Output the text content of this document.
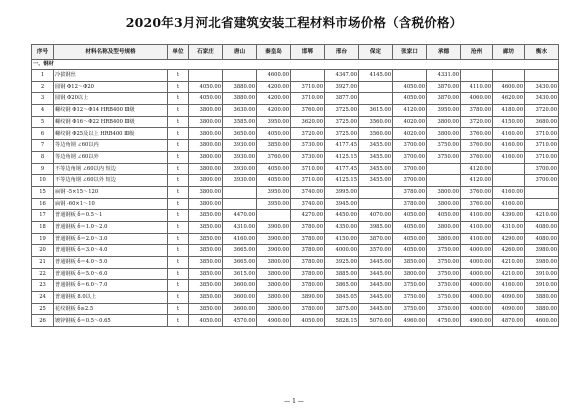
2020年3月河北省建筑安装工程材料市场价格（含税价格）
序号	材料名称及型号规格	单位	石家庄	唐山	秦皇岛	邯郸	邢台	保定	张家口	承德	沧州	廊坊	衡水
一、钢材													
1	冷拔钢丝	t			4600.00		4347.00	4145.00		4331.00			
2	圆钢 Φ12～Φ20	t	4050.00	3880.00	4200.00	3710.00	3927.00		4050.00	3870.00	4110.00	4600.00	3430.00
3	圆钢 Φ20以上	t	4050.00	3880.00	4200.00	3710.00	3877.00		4050.00	3870.00	4060.00	4620.00	3430.00
4	螺纹钢 Φ12～Φ14 HRB400 Ⅲ级	t	3800.00	3630.00	4200.00	3760.00	3725.00	3615.00	4120.00	3950.00	3780.00	4180.00	3720.00
5	螺纹钢 Φ16～Φ22 HRB400 Ⅲ级	t	3800.00	3585.00	3950.00	3620.00	3725.00	3560.00	4020.00	3800.00	3720.00	4150.00	3680.00
6	螺纹钢 Φ25及以上 HRB400 Ⅲ级	t	3800.00	3650.00	4050.00	3720.00	3725.00	3560.00	4020.00	3800.00	3760.00	4160.00	3710.00
7	等边角钢 ∠60以内	t	3800.00	3930.00	3850.00	3730.00	4177.45	3455.00	3700.00	3750.00	3760.00	4160.00	3710.00
8	等边角钢 ∠60以外	t	3800.00	3930.00	3760.00	3730.00	4125.15	3455.00	3700.00	3750.00	3760.00	4160.00	3710.00
9	不等边角钢 ∠60以内 短边	t	3800.00	3930.00	4050.00	3710.00	4177.45	3455.00	3700.00		4120.00		3700.00
10	不等边角钢 ∠60以外 短边	t	3800.00	3930.00	4050.00	3710.00	4125.15	3455.00	3700.00		4120.00		3700.00
15	扁钢 -5×15～120	t	3800.00		3950.00	3740.00	3995.00		3780.00	3800.00	3760.00	4160.00	
16	扁钢 -60×1～10	t	3800.00		3950.00	3740.00	3945.00		3780.00	3800.00	3760.00	4160.00	
17	普通钢板 δ＝0.5～1	t	3850.00	4470.00		4270.00	4450.00	4070.00	4050.00	4050.00	4100.00	4390.00	4210.00
18	普通钢板 δ＝1.0～2.0	t	3850.00	4310.00	3900.00	3780.00	4350.00	3985.00	4050.00	3800.00	4100.00	4310.00	4080.00
19	普通钢板 δ＝2.0～3.0	t	3850.00	4160.00	3900.00	3780.00	4150.00	3870.00	4050.00	3800.00	4100.00	4290.00	4080.00
20	普通钢板 δ＝3.0～4.0	t	3850.00	3665.00	3900.00	3780.00	4000.00	3570.00	4050.00	3750.00	4000.00	4260.00	3980.00
21	普通钢板 δ＝4.0～5.0	t	3850.00	3665.00	3800.00	3780.00	3925.00	3445.00	3850.00	3750.00	4000.00	4210.00	3980.00
22	普通钢板 δ＝5.0～6.0	t	3850.00	3615.00	3800.00	3780.00	3885.00	3445.00	3800.00	3750.00	4000.00	4210.00	3910.00
23	普通钢板 δ＝6.0～7.0	t	3850.00	3600.00	3800.00	3780.00	3865.00	3445.00	3750.00	3750.00	4000.00	4160.00	3910.00
24	普通钢板 8.0以上	t	3850.00	3600.00	3800.00	3890.00	3845.05	3445.00	3750.00	3750.00	4000.00	4090.00	3880.00
25	花纹钢板 δ≥2.5	t	3850.00	3600.00	3800.00	3780.00	3875.00	3445.00	3750.00	3750.00	4000.00	4090.00	3880.00
26	镀锌钢板 δ＝0.5～0.65	t	4050.00	4570.00	4900.00	4050.00	5828.15	5070.00	4960.00	4750.00	4900.00	4870.00	4600.00
— 1 —
